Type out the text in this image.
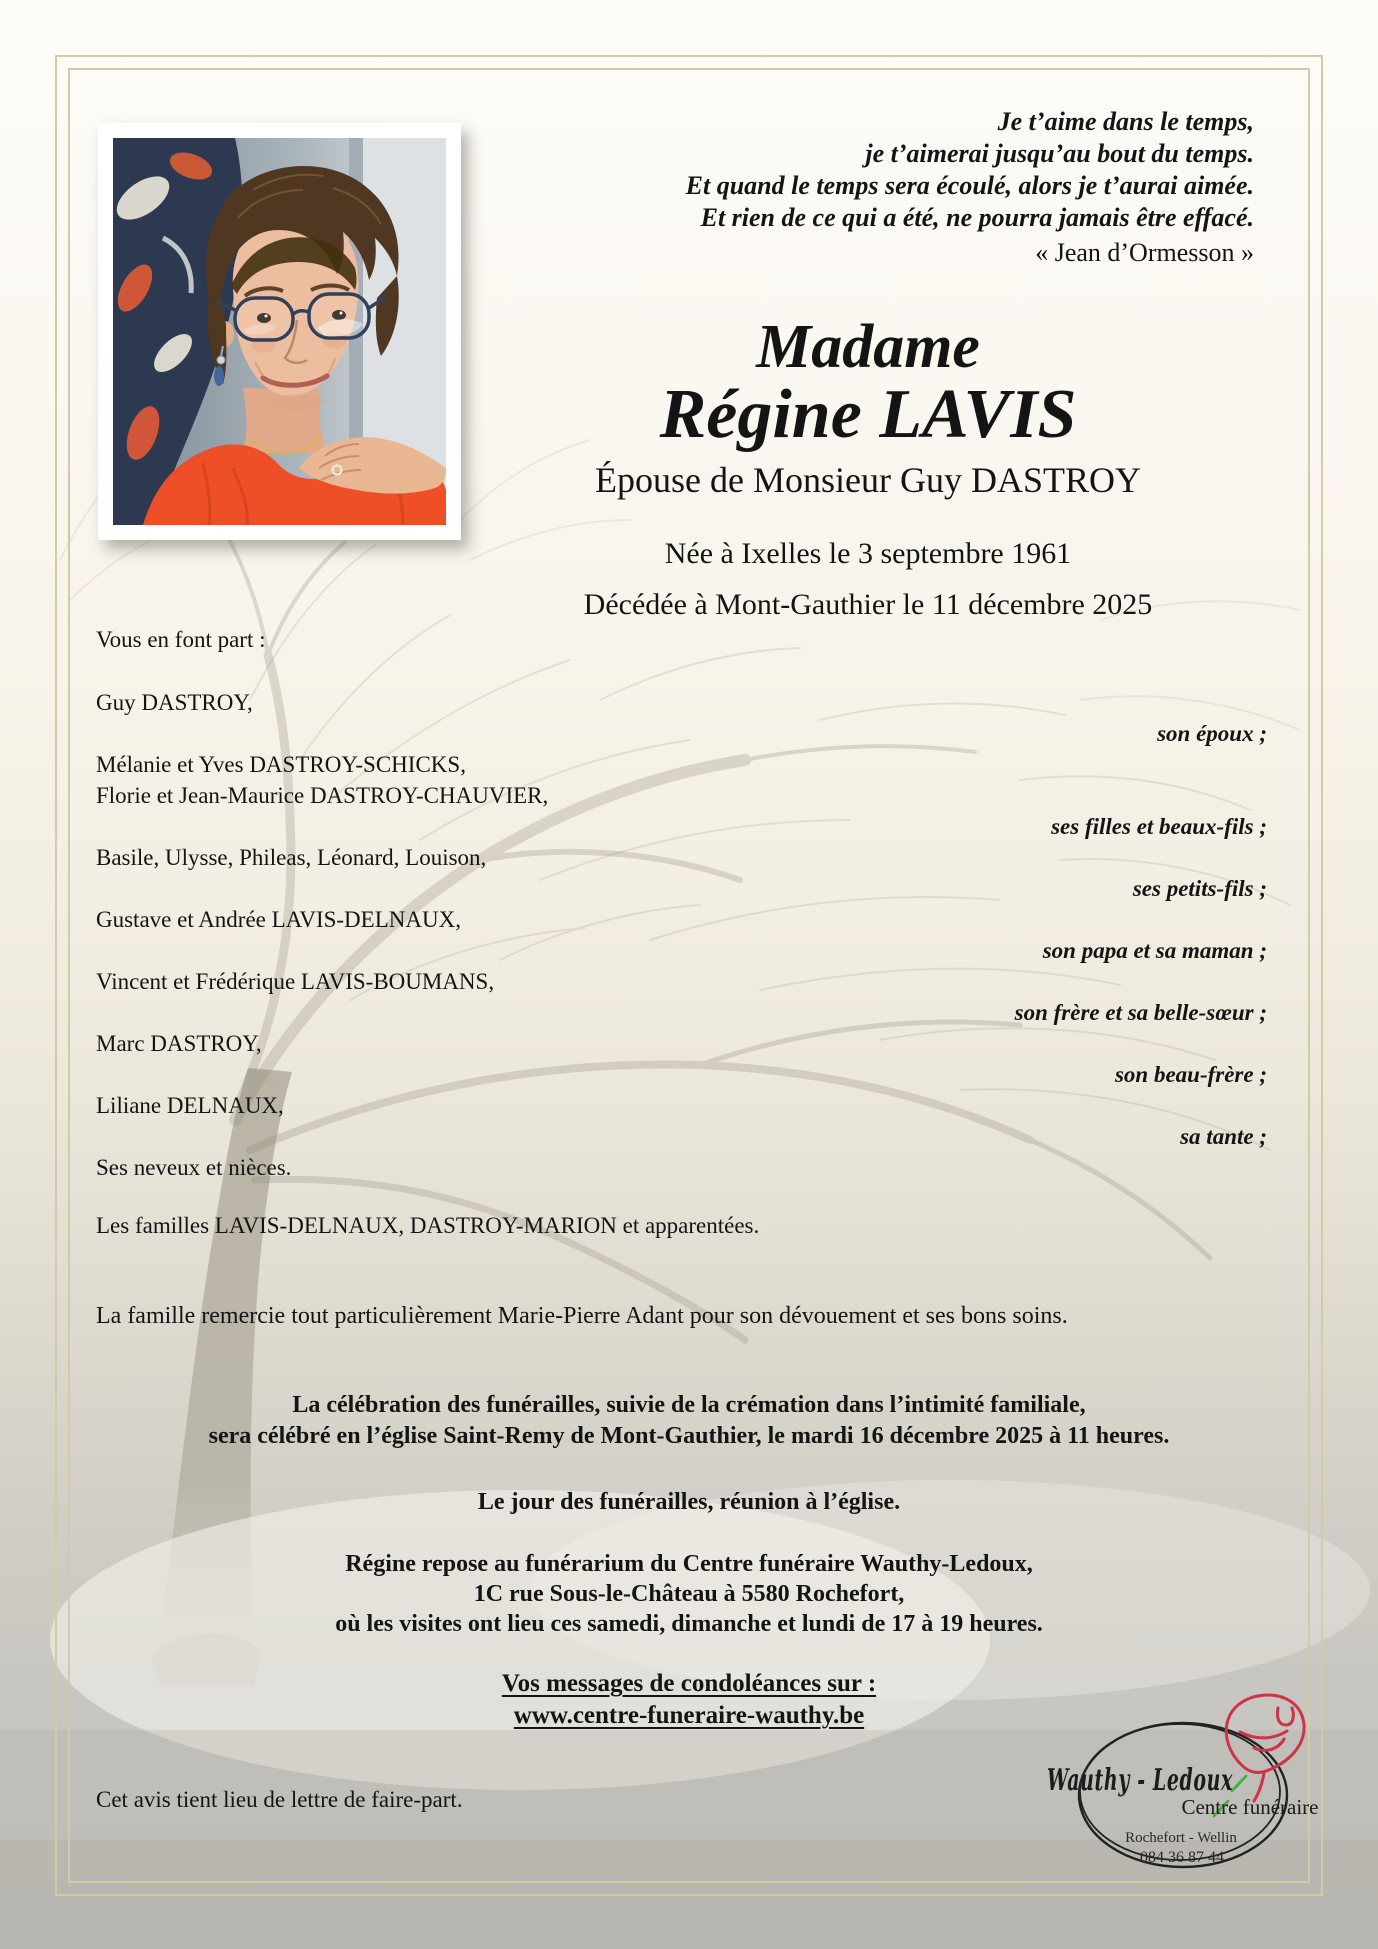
Je t’aime dans le temps,
je t’aimerai jusqu’au bout du temps.
Et quand le temps sera écoulé, alors je t’aurai aimée.
Et rien de ce qui a été, ne pourra jamais être effacé.
« Jean d’Ormesson »
Madame
Régine LAVIS
Épouse de Monsieur Guy DASTROY
Née à Ixelles le 3 septembre 1961
Décédée à Mont-Gauthier le 11 décembre 2025
Vous en font part :
Guy DASTROY,
son époux ;
Mélanie et Yves DASTROY-SCHICKS,
Florie et Jean-Maurice DASTROY-CHAUVIER,
ses filles et beaux-fils ;
Basile, Ulysse, Phileas, Léonard, Louison,
ses petits-fils ;
Gustave et Andrée LAVIS-DELNAUX,
son papa et sa maman ;
Vincent et Frédérique LAVIS-BOUMANS,
son frère et sa belle-sœur ;
Marc DASTROY,
son beau-frère ;
Liliane DELNAUX,
sa tante ;
Ses neveux et nièces.
Les familles LAVIS-DELNAUX, DASTROY-MARION et apparentées.
La famille remercie tout particulièrement Marie-Pierre Adant pour son dévouement et ses bons soins.
La célébration des funérailles, suivie de la crémation dans l’intimité familiale,
sera célébré en l’église Saint-Remy de Mont-Gauthier, le mardi 16 décembre 2025 à 11 heures.
Le jour des funérailles, réunion à l’église.
Régine repose au funérarium du Centre funéraire Wauthy-Ledoux,
1C rue Sous-le-Château à 5580 Rochefort,
où les visites ont lieu ces samedi, dimanche et lundi de 17 à 19 heures.
Vos messages de condoléances sur :
www.centre-funeraire-wauthy.be
Cet avis tient lieu de lettre de faire-part.
Wauthy - Ledoux
Centre funéraire
Rochefort - Wellin
084 36 87 44
